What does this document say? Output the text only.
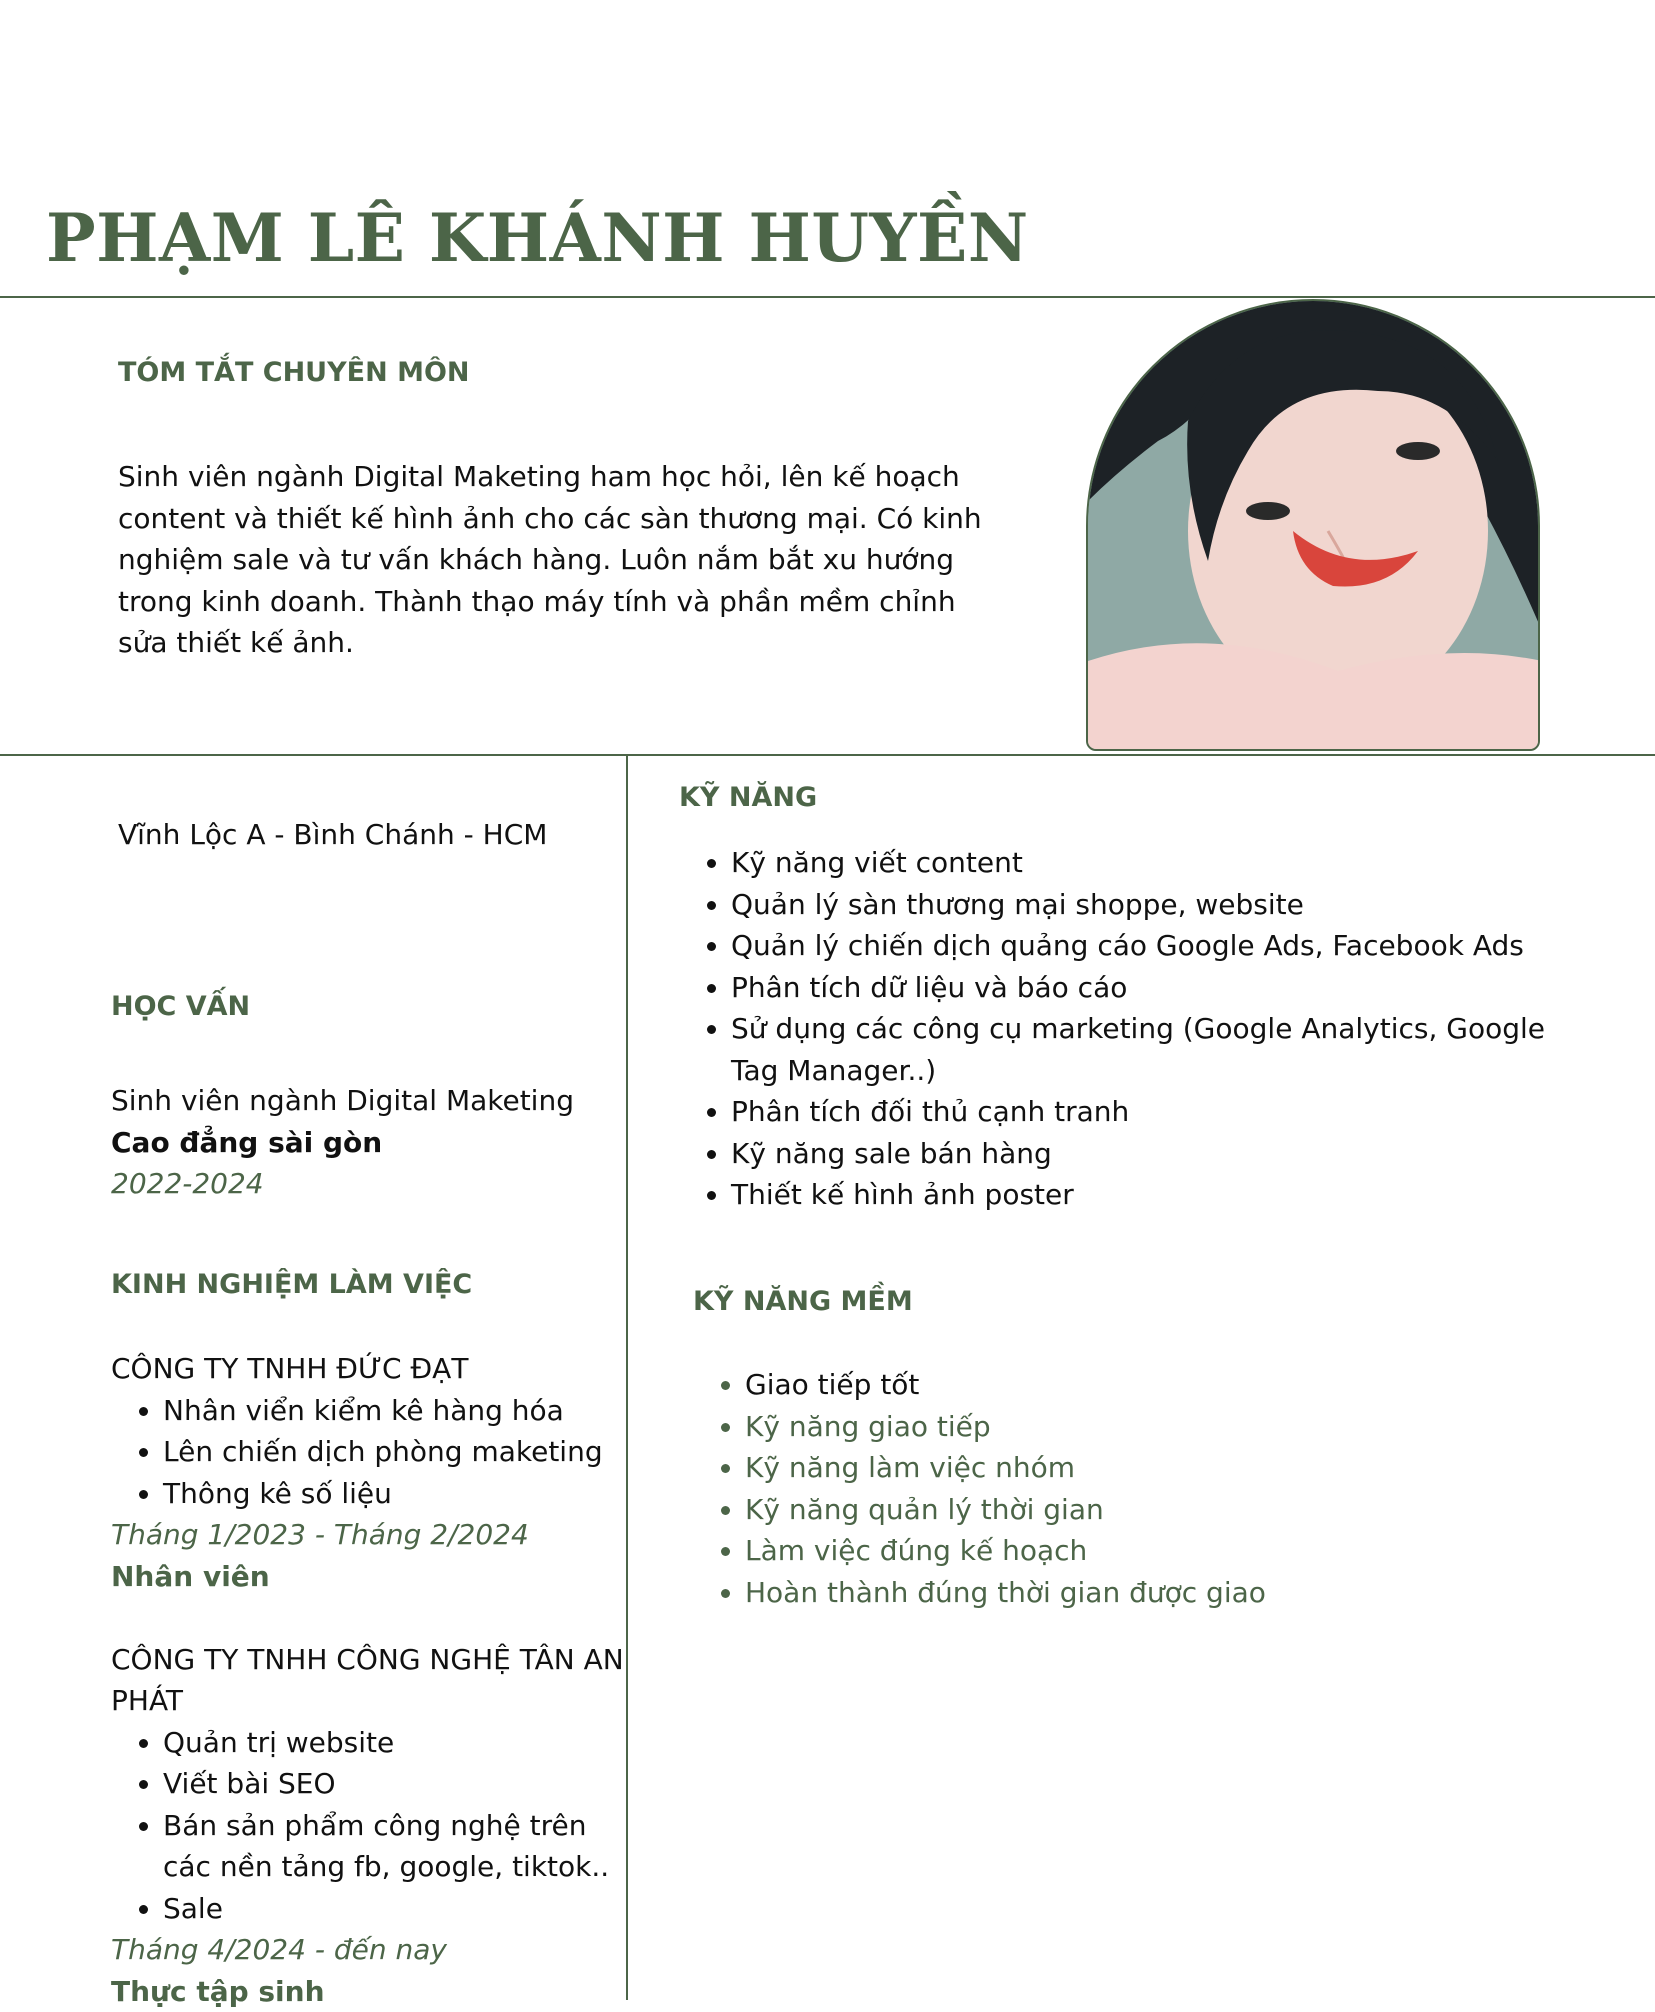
PHẠM LÊ KHÁNH HUYỀN
TÓM TẮT CHUYÊN MÔN

Sinh viên ngành Digital Maketing ham học hỏi, lên kế hoạch content và thiết kế hình ảnh cho các sàn thương mại. Có kinh nghiệm sale và tư vấn khách hàng. Luôn nắm bắt xu hướng trong kinh doanh. Thành thạo máy tính và phần mềm chỉnh sửa thiết kế ảnh.

Vĩnh Lộc A - Bình Chánh - HCM
HỌC VẤN
Sinh viên ngành Digital Maketing
Cao đẳng sài gòn
2022-2024
KINH NGHIỆM LÀM VIỆC
CÔNG TY TNHH ĐỨC ĐẠT
• Nhân viển kiểm kê hàng hóa
• Lên chiến dịch phòng maketing
• Thông kê số liệu
Tháng 1/2023 - Tháng 2/2024
Nhân viên
CÔNG TY TNHH CÔNG NGHỆ TÂN AN PHÁT
• Quản trị website
• Viết bài SEO
• Bán sản phẩm công nghệ trên các nền tảng fb, google, tiktok..
• Sale
Tháng 4/2024 - đến nay
Thực tập sinh
KỸ NĂNG
• Kỹ năng viết content
• Quản lý sàn thương mại shoppe, website
• Quản lý chiến dịch quảng cáo Google Ads, Facebook Ads
• Phân tích dữ liệu và báo cáo
• Sử dụng các công cụ marketing (Google Analytics, Google Tag Manager..)
• Phân tích đối thủ cạnh tranh
• Kỹ năng sale bán hàng
• Thiết kế hình ảnh poster
KỸ NĂNG MỀM
• Giao tiếp tốt
• Kỹ năng giao tiếp
• Kỹ năng làm việc nhóm
• Kỹ năng quản lý thời gian
• Làm việc đúng kế hoạch
• Hoàn thành đúng thời gian được giao
